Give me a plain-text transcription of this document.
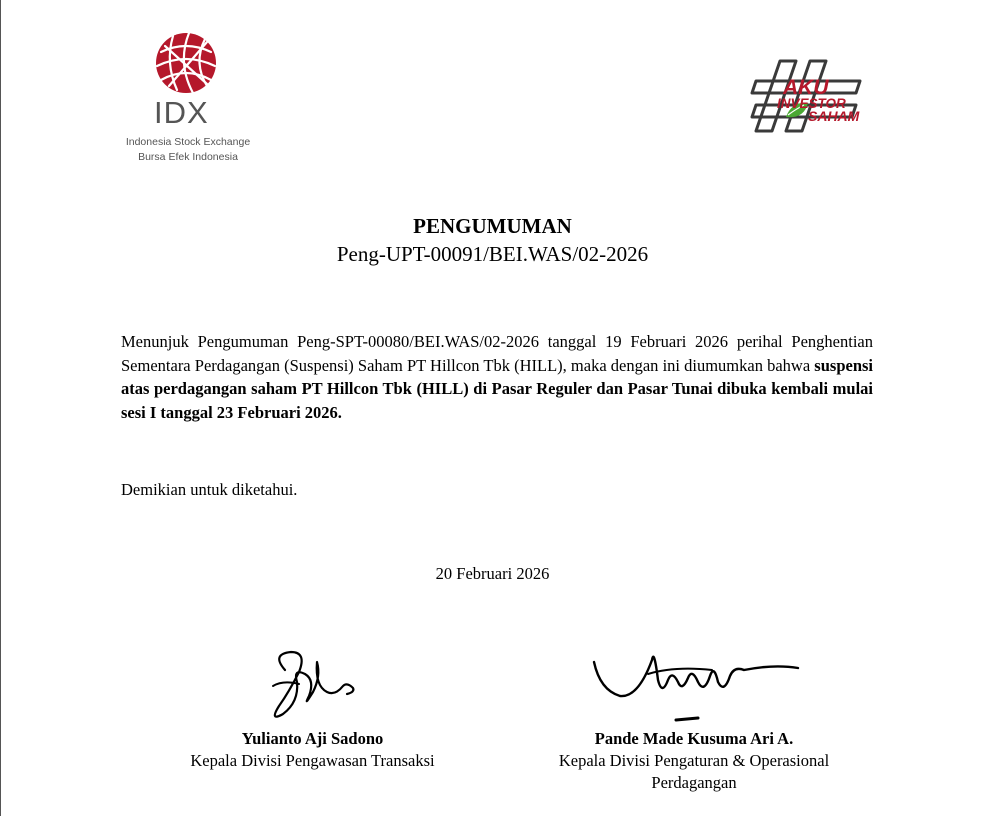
IDX
Indonesia Stock Exchange
Bursa Efek Indonesia
AKU
INVESTOR
SAHAM
PENGUMUMAN
Peng-UPT-00091/BEI.WAS/02-2026
Menunjuk Pengumuman Peng-SPT-00080/BEI.WAS/02-2026 tanggal 19 Februari 2026 perihal Penghentian Sementara Perdagangan (Suspensi) Saham PT Hillcon Tbk (HILL), maka dengan ini diumumkan bahwa suspensi atas perdagangan saham PT Hillcon Tbk (HILL) di Pasar Reguler dan Pasar Tunai dibuka kembali mulai sesi I tanggal 23 Februari 2026.
Demikian untuk diketahui.
20 Februari 2026
Yulianto Aji Sadono
Kepala Divisi Pengawasan Transaksi
Pande Made Kusuma Ari A.
Kepala Divisi Pengaturan & Operasional Perdagangan
